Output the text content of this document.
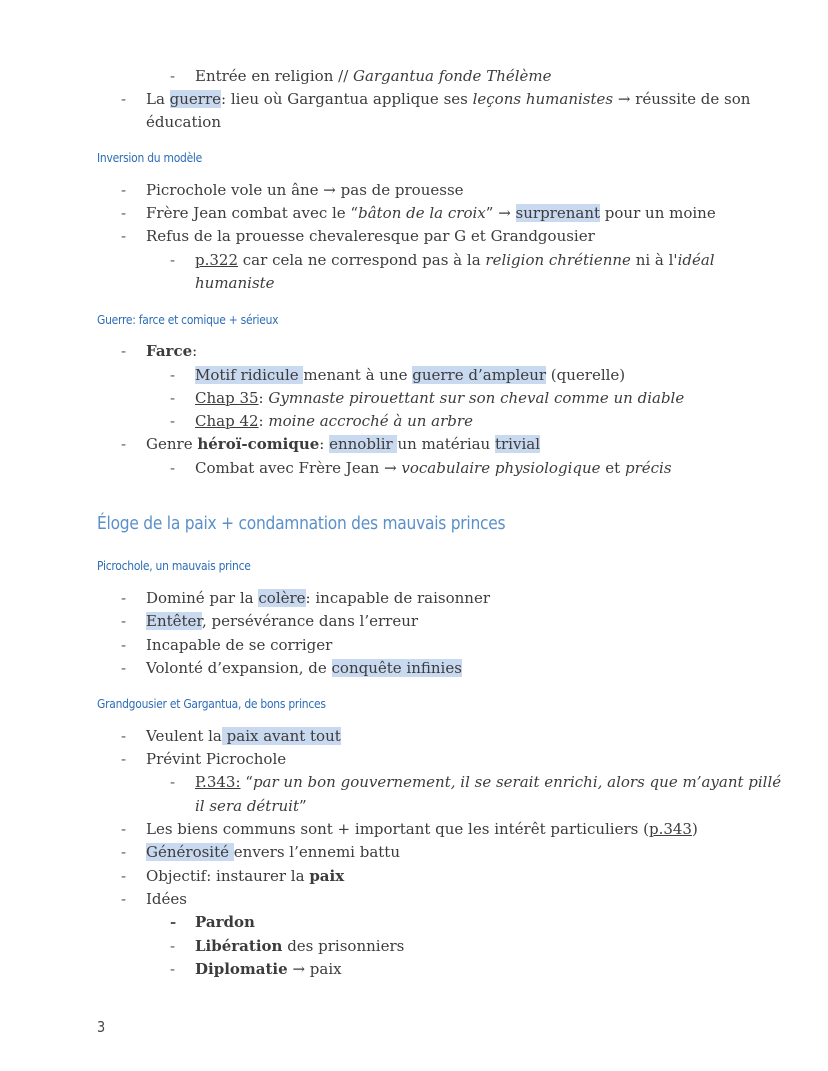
- Entrée en religion // Gargantua fonde Thélème
- La guerre: lieu où Gargantua applique ses leçons humanistes → réussite de son
éducation
Inversion du modèle
- Picrochole vole un âne → pas de prouesse
- Frère Jean combat avec le “bâton de la croix” → surprenant pour un moine
- Refus de la prouesse chevaleresque par G et Grandgousier
- p.322 car cela ne correspond pas à la religion chrétienne ni à l'idéal
humaniste
Guerre: farce et comique + sérieux
- Farce:
- Motif ridicule menant à une guerre d’ampleur (querelle)
- Chap 35: Gymnaste pirouettant sur son cheval comme un diable
- Chap 42: moine accroché à un arbre
- Genre héroï-comique: ennoblir un matériau trivial
- Combat avec Frère Jean → vocabulaire physiologique et précis
Éloge de la paix + condamnation des mauvais princes
Picrochole, un mauvais prince
- Dominé par la colère: incapable de raisonner
- Entêter, persévérance dans l’erreur
- Incapable de se corriger
- Volonté d’expansion, de conquête infinies
Grandgousier et Gargantua, de bons princes
- Veulent la paix avant tout
- Prévint Picrochole
- P.343: “par un bon gouvernement, il se serait enrichi, alors que m’ayant pillé
il sera détruit”
- Les biens communs sont + important que les intérêt particuliers (p.343)
- Générosité envers l’ennemi battu
- Objectif: instaurer la paix
- Idées
- Pardon
- Libération des prisonniers
- Diplomatie → paix
3
